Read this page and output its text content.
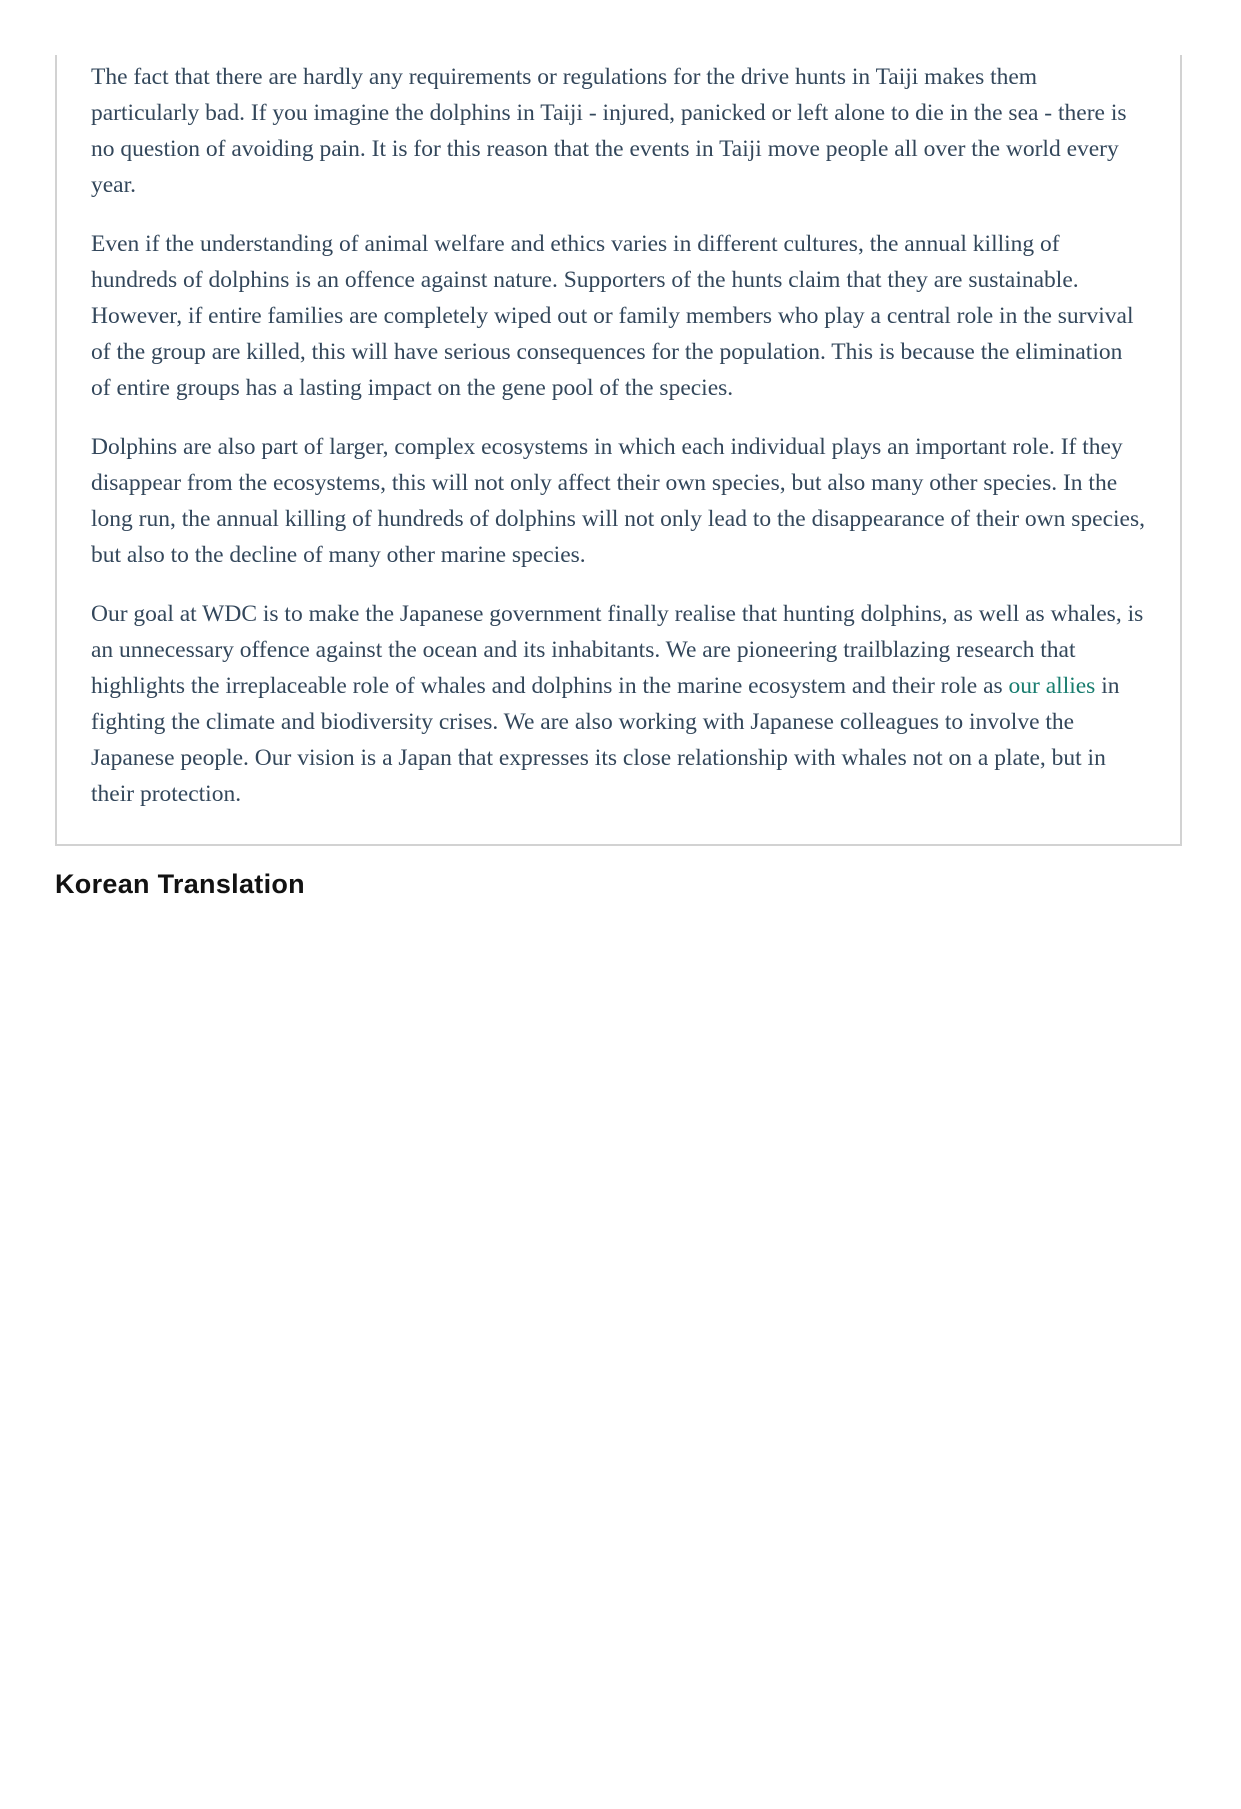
The fact that there are hardly any requirements or regulations for the drive hunts in Taiji makes them particularly bad. If you imagine the dolphins in Taiji - injured, panicked or left alone to die in the sea - there is no question of avoiding pain. It is for this reason that the events in Taiji move people all over the world every year.

Even if the understanding of animal welfare and ethics varies in different cultures, the annual killing of hundreds of dolphins is an offence against nature. Supporters of the hunts claim that they are sustainable. However, if entire families are completely wiped out or family members who play a central role in the survival of the group are killed, this will have serious consequences for the population. This is because the elimination of entire groups has a lasting impact on the gene pool of the species.

Dolphins are also part of larger, complex ecosystems in which each individual plays an important role. If they disappear from the ecosystems, this will not only affect their own species, but also many other species. In the long run, the annual killing of hundreds of dolphins will not only lead to the disappearance of their own species, but also to the decline of many other marine species.

Our goal at WDC is to make the Japanese government finally realise that hunting dolphins, as well as whales, is an unnecessary offence against the ocean and its inhabitants. We are pioneering trailblazing research that highlights the irreplaceable role of whales and dolphins in the marine ecosystem and their role as our allies in fighting the climate and biodiversity crises. We are also working with Japanese colleagues to involve the Japanese people. Our vision is a Japan that expresses its close relationship with whales not on a plate, but in their protection.

Korean Translation
